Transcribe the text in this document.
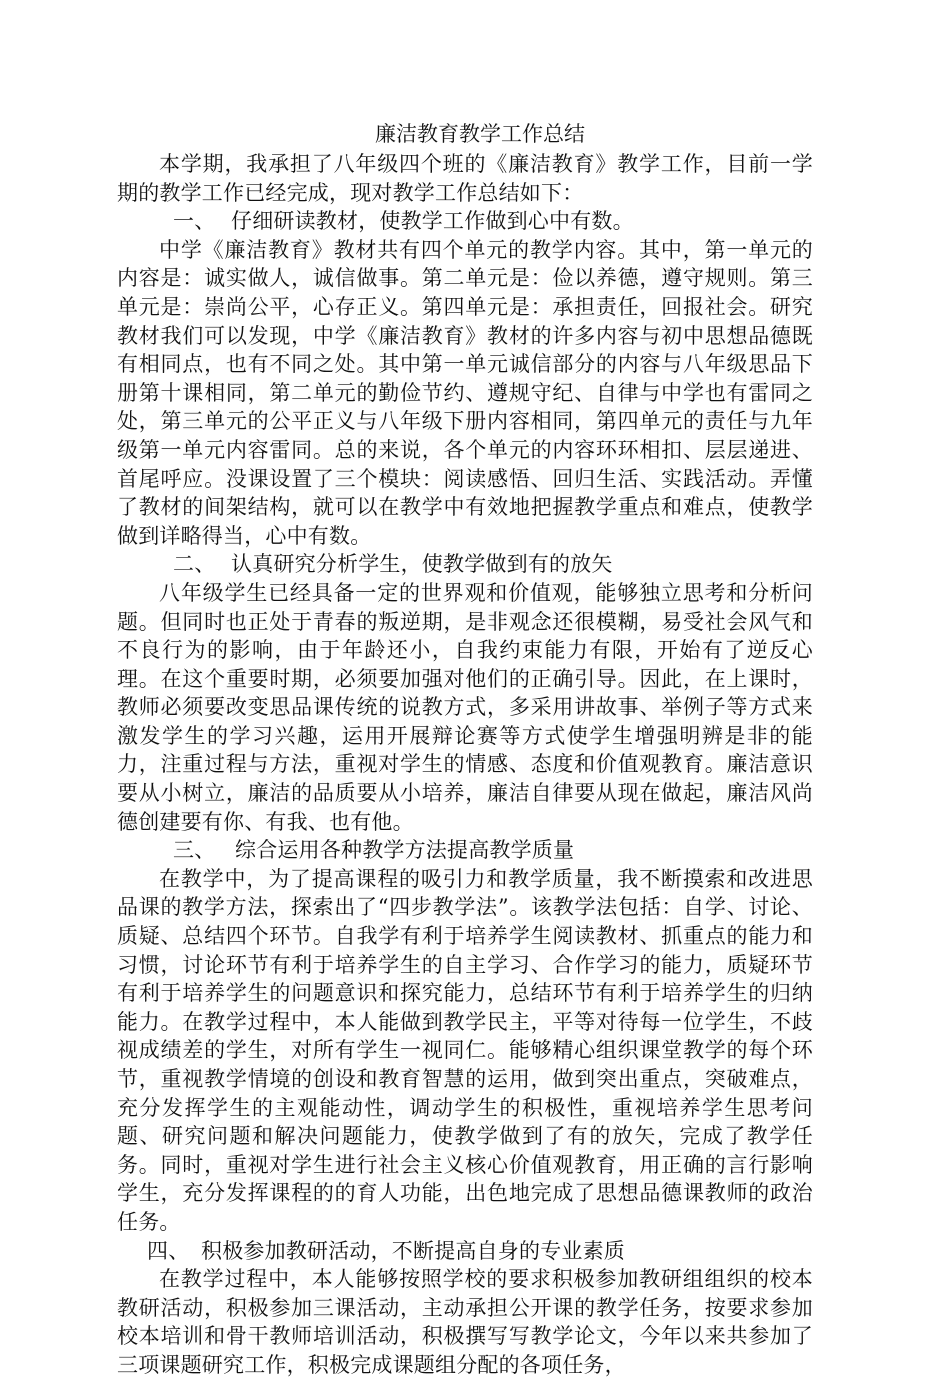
廉洁教育教学工作总结

本学期，我承担了八年级四个班的《廉洁教育》教学工作，目前一学期的教学工作已经完成，现对教学工作总结如下：

一、 仔细研读教材，使教学工作做到心中有数。

中学《廉洁教育》教材共有四个单元的教学内容。其中，第一单元的内容是：诚实做人，诚信做事。第二单元是：俭以养德，遵守规则。第三单元是：崇尚公平，心存正义。第四单元是：承担责任，回报社会。研究教材我们可以发现，中学《廉洁教育》教材的许多内容与初中思想品德既有相同点，也有不同之处。其中第一单元诚信部分的内容与八年级思品下册第十课相同，第二单元的勤俭节约、遵规守纪、自律与中学也有雷同之处，第三单元的公平正义与八年级下册内容相同，第四单元的责任与九年级第一单元内容雷同。总的来说，各个单元的内容环环相扣、层层递进、首尾呼应。没课设置了三个模块：阅读感悟、回归生活、实践活动。弄懂了教材的间架结构，就可以在教学中有效地把握教学重点和难点，使教学做到详略得当，心中有数。

二、 认真研究分析学生，使教学做到有的放矢

八年级学生已经具备一定的世界观和价值观，能够独立思考和分析问题。但同时也正处于青春的叛逆期，是非观念还很模糊，易受社会风气和不良行为的影响，由于年龄还小，自我约束能力有限，开始有了逆反心理。在这个重要时期，必须要加强对他们的正确引导。因此，在上课时，教师必须要改变思品课传统的说教方式，多采用讲故事、举例子等方式来激发学生的学习兴趣，运用开展辩论赛等方式使学生增强明辨是非的能力，注重过程与方法，重视对学生的情感、态度和价值观教育。廉洁意识要从小树立，廉洁的品质要从小培养，廉洁自律要从现在做起，廉洁风尚德创建要有你、有我、也有他。

三、 综合运用各种教学方法提高教学质量

在教学中，为了提高课程的吸引力和教学质量，我不断摸索和改进思品课的教学方法，探索出了“四步教学法”。该教学法包括：自学、讨论、质疑、总结四个环节。自我学有利于培养学生阅读教材、抓重点的能力和习惯，讨论环节有利于培养学生的自主学习、合作学习的能力，质疑环节有利于培养学生的问题意识和探究能力，总结环节有利于培养学生的归纳能力。在教学过程中，本人能做到教学民主，平等对待每一位学生，不歧视成绩差的学生，对所有学生一视同仁。能够精心组织课堂教学的每个环节，重视教学情境的创设和教育智慧的运用，做到突出重点，突破难点，充分发挥学生的主观能动性，调动学生的积极性，重视培养学生思考问题、研究问题和解决问题能力，使教学做到了有的放矢，完成了教学任务。同时，重视对学生进行社会主义核心价值观教育，用正确的言行影响学生，充分发挥课程的的育人功能，出色地完成了思想品德课教师的政治任务。

四、 积极参加教研活动，不断提高自身的专业素质

在教学过程中，本人能够按照学校的要求积极参加教研组组织的校本教研活动，积极参加三课活动，主动承担公开课的教学任务，按要求参加校本培训和骨干教师培训活动，积极撰写写教学论文，今年以来共参加了三项课题研究工作，积极完成课题组分配的各项任务，
